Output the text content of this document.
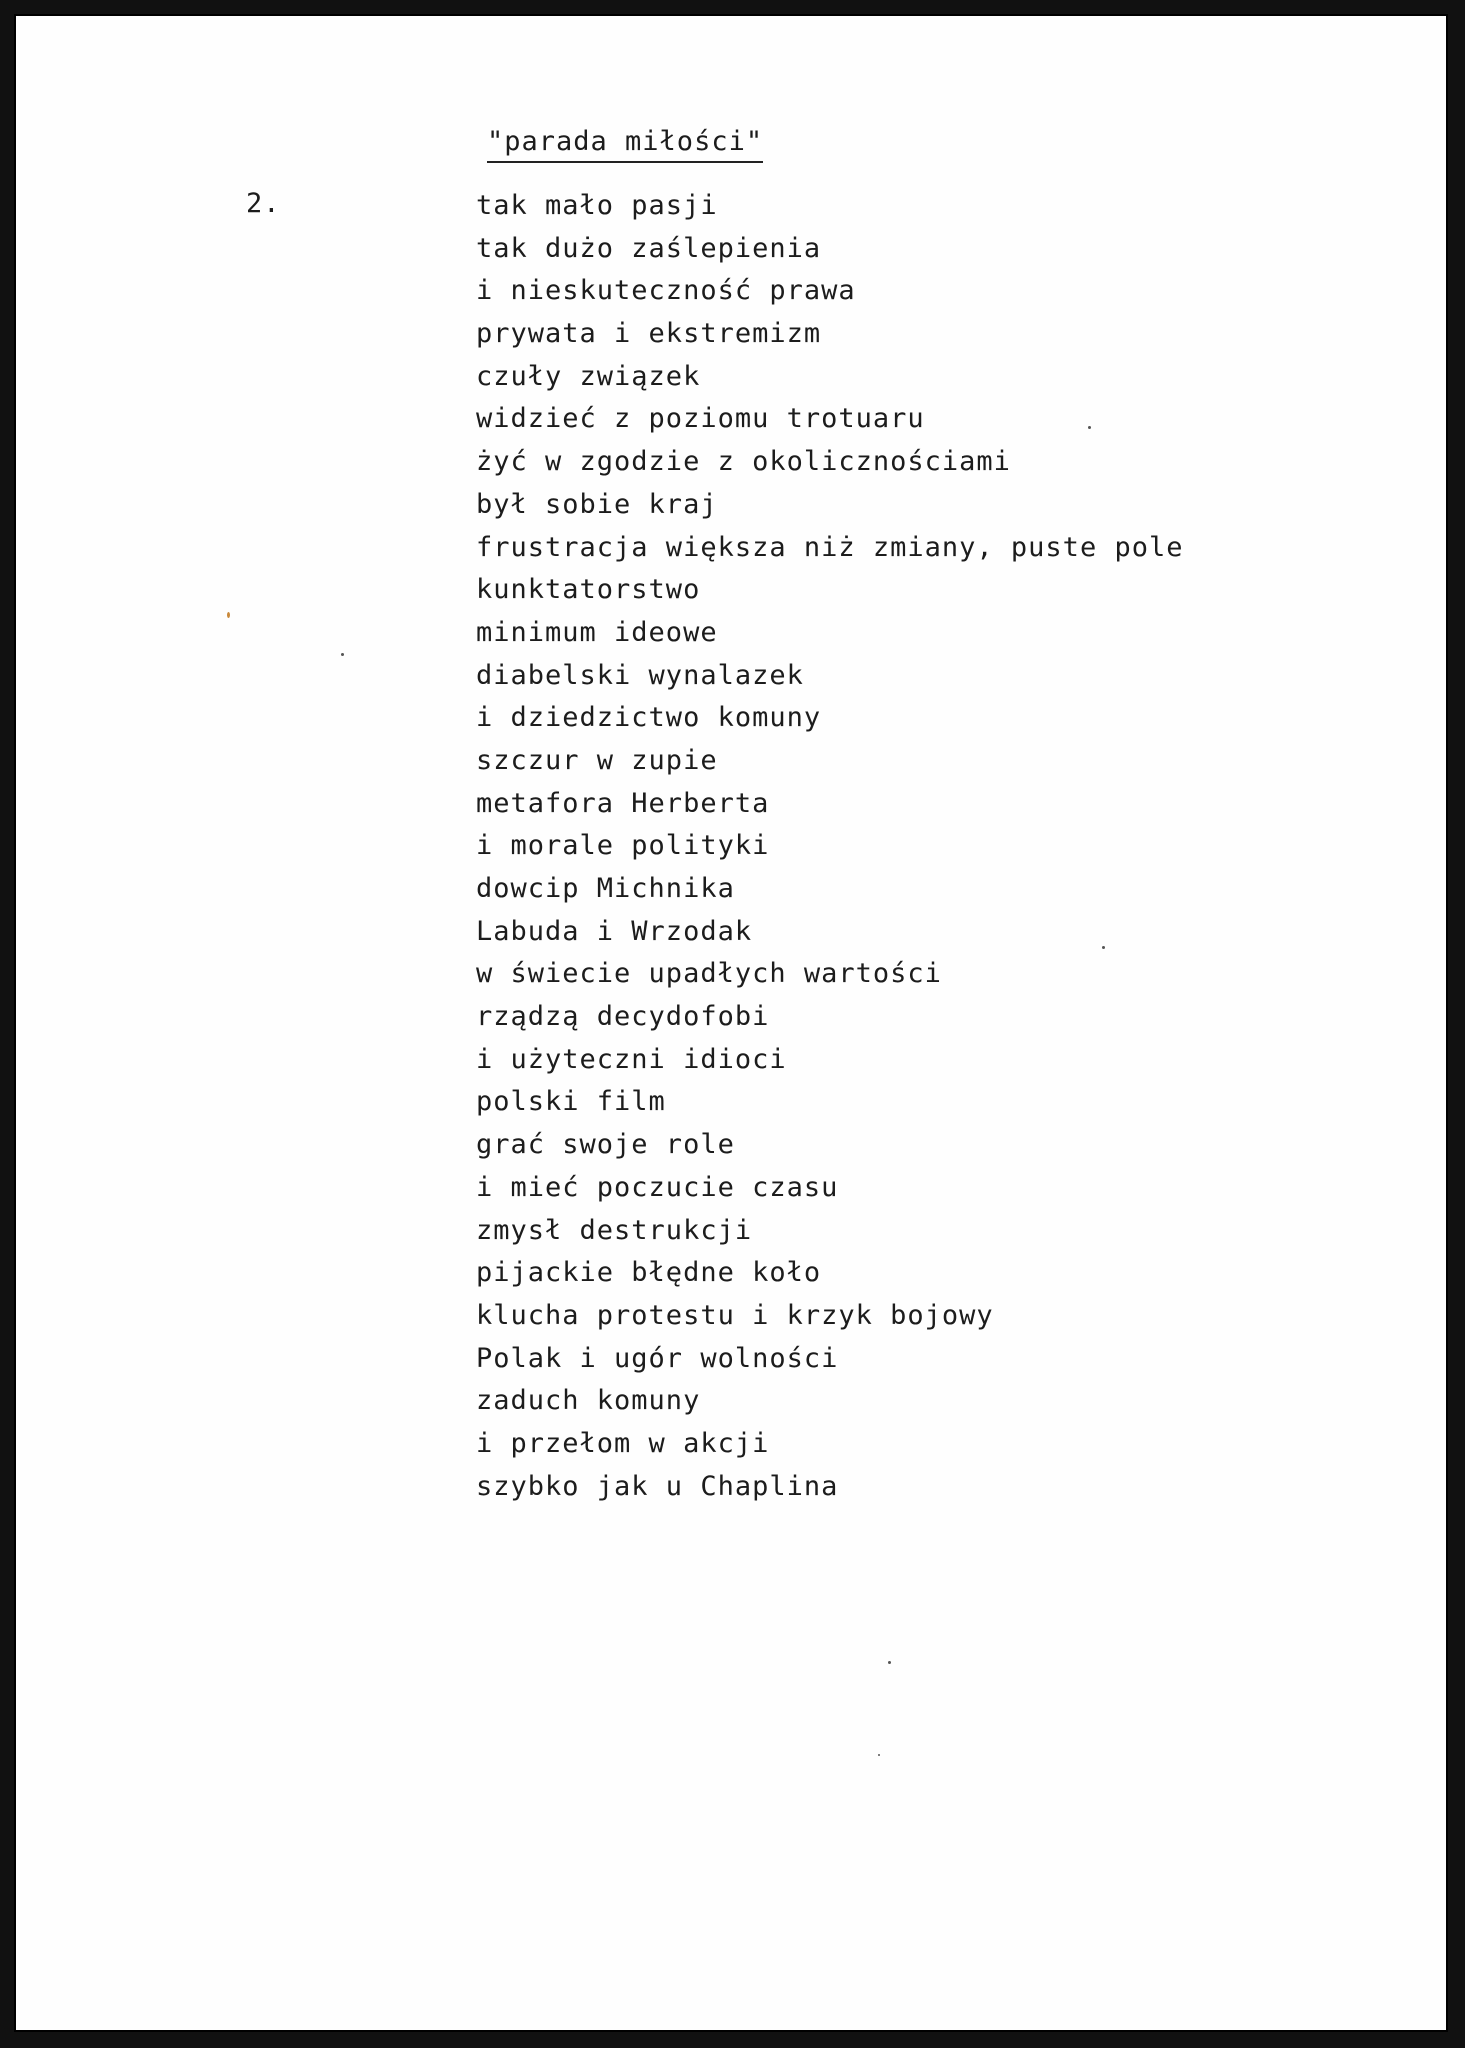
"parada miłości"
2.	tak mało pasji
tak dużo zaślepienia
i nieskuteczność prawa
prywata i ekstremizm
czuły związek
widzieć z poziomu trotuaru
żyć w zgodzie z okolicznościami
był sobie kraj
frustracja większa niż zmiany, puste pole
kunktatorstwo
minimum ideowe
diabelski wynalazek
i dziedzictwo komuny
szczur w zupie
metafora Herberta
i morale polityki
dowcip Michnika
Labuda i Wrzodak
w świecie upadłych wartości
rządzą decydofobi
i użyteczni idioci
polski film
grać swoje role
i mieć poczucie czasu
zmysł destrukcji
pijackie błędne koło
klucha protestu i krzyk bojowy
Polak i ugór wolności
zaduch komuny
i przełom w akcji
szybko jak u Chaplina
